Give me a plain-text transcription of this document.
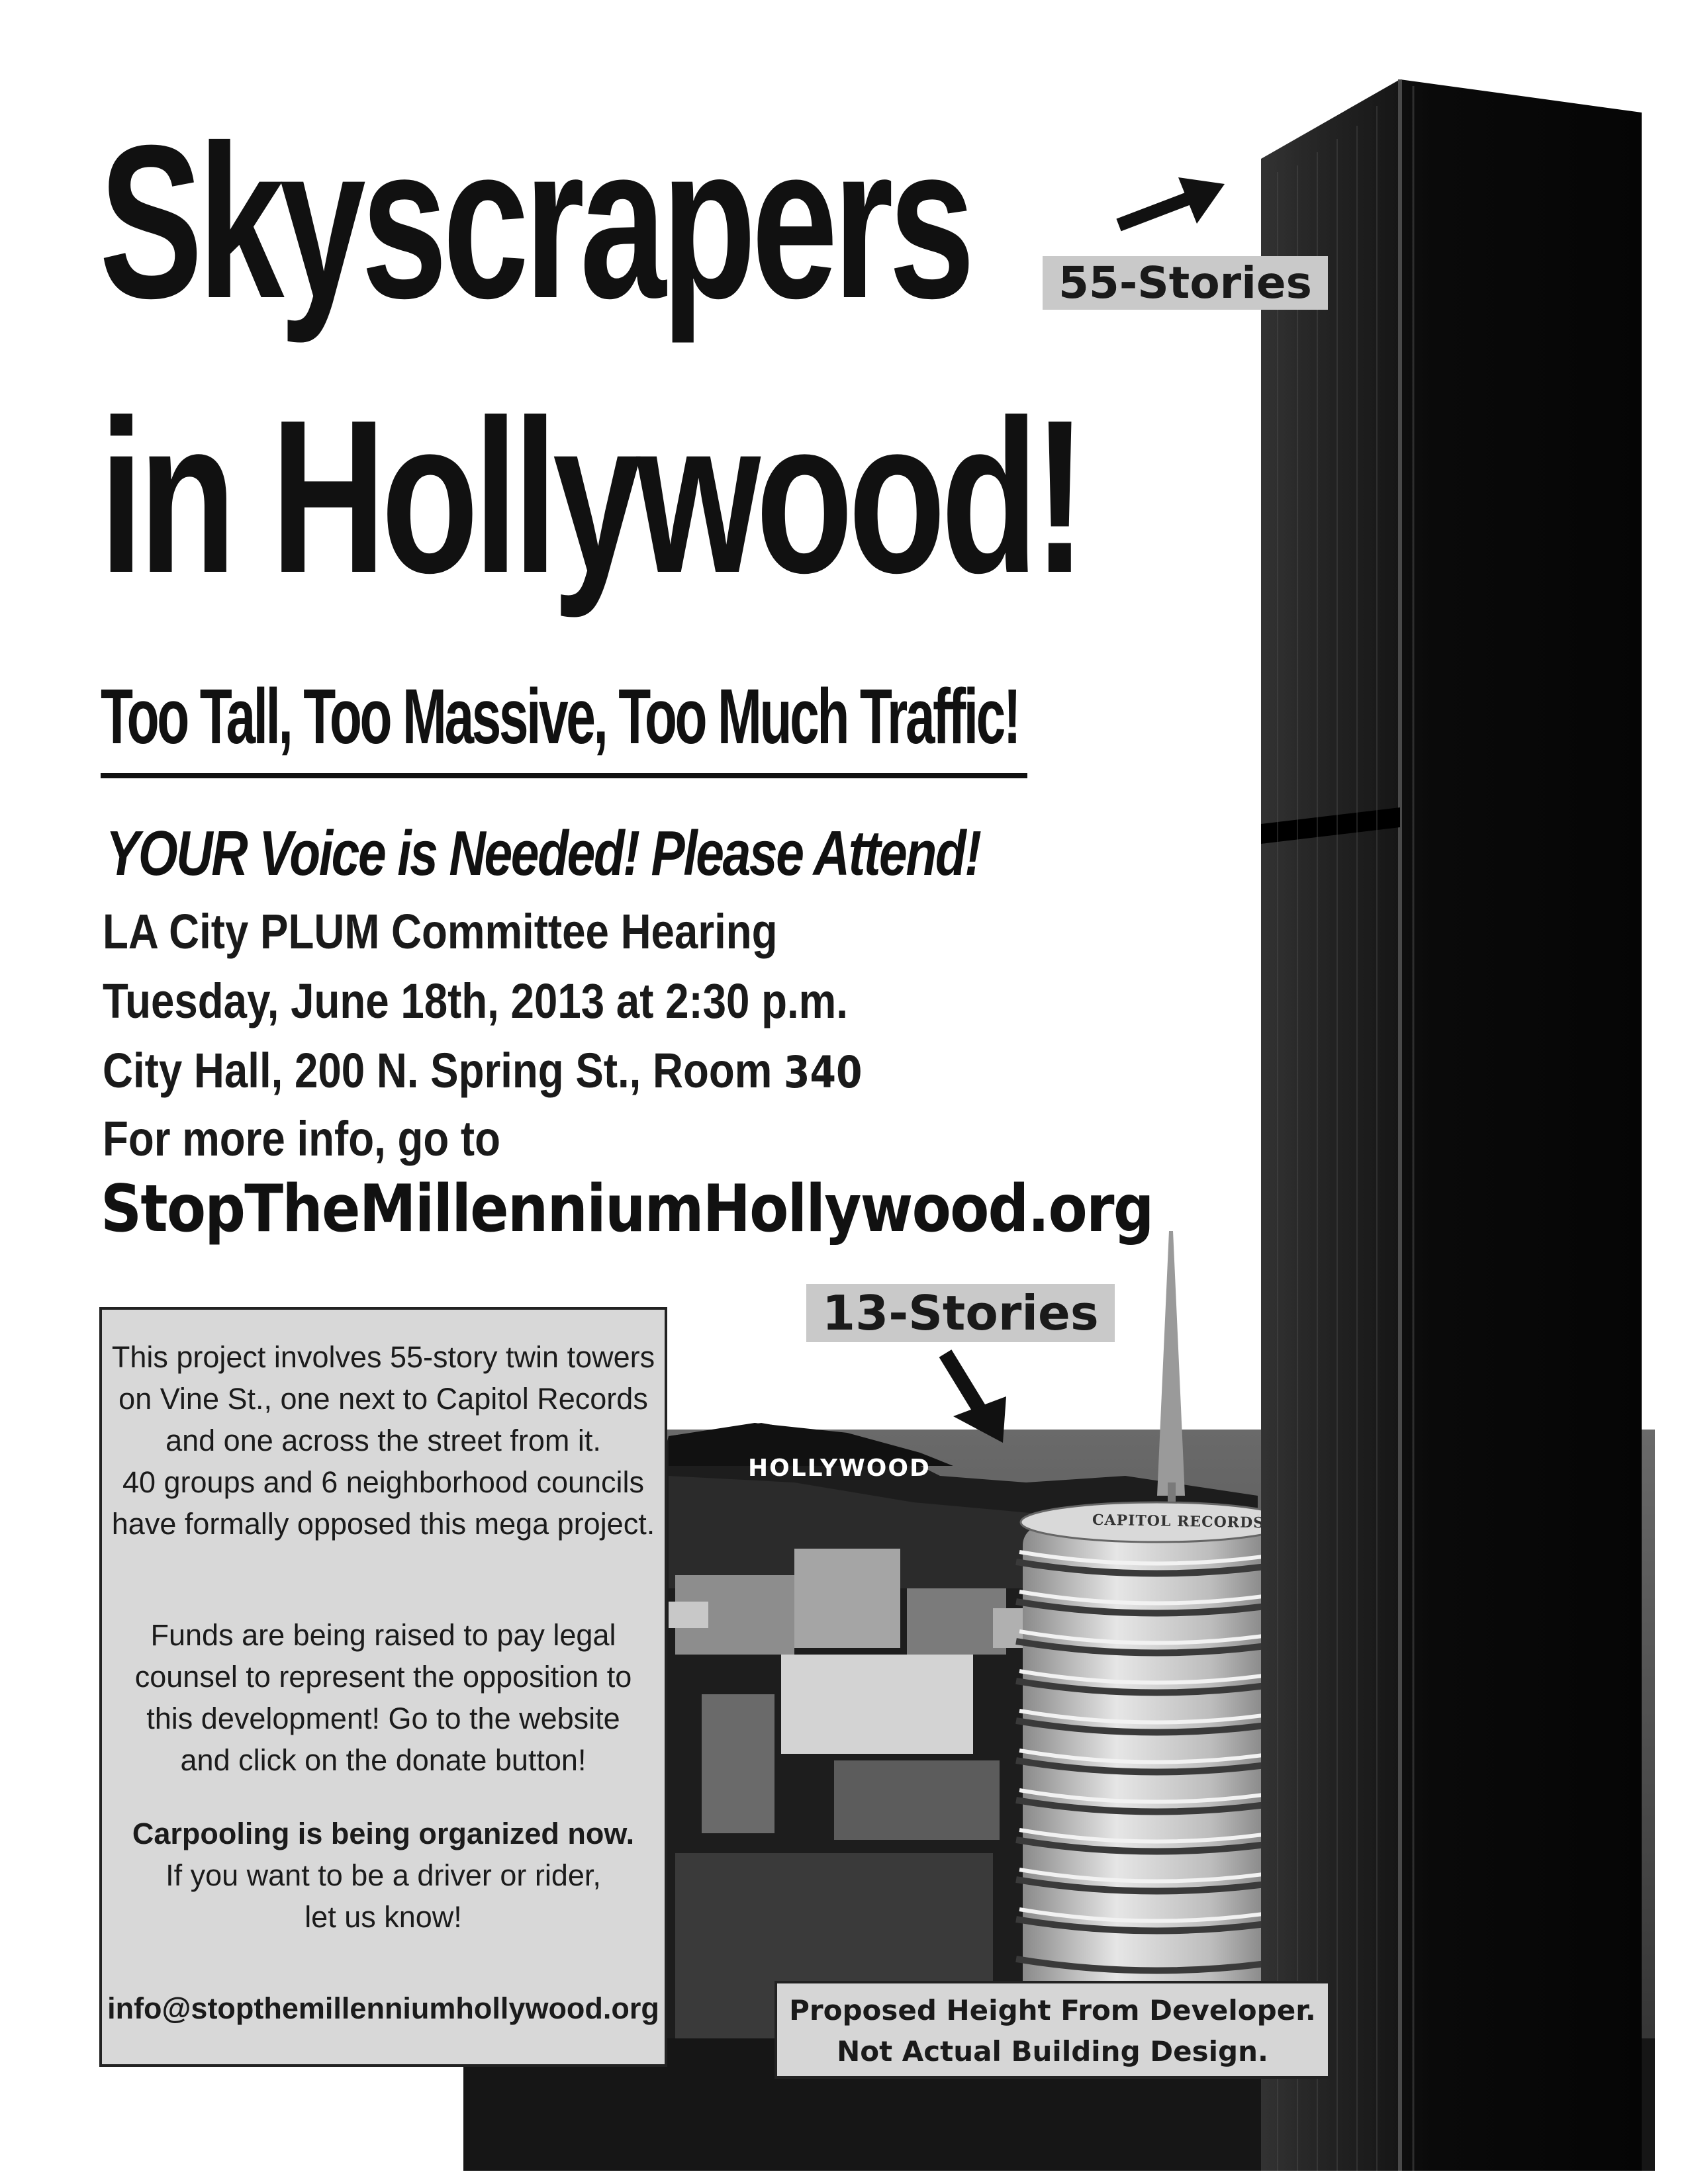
Skyscrapers
in Hollywood!
Too Tall, Too Massive, Too Much Traffic!
YOUR Voice is Needed! Please Attend!
LA City PLUM Committee Hearing
Tuesday, June 18th, 2013 at 2:30 p.m.
City Hall, 200 N. Spring St., Room 340
For more info, go to
StopTheMillenniumHollywood.org
55-Stories
13-Stories
HOLLYWOOD
CAPITOL RECORDS
This project involves 55-story twin towers
on Vine St., one next to Capitol Records
and one across the street from it.
40 groups and 6 neighborhood councils
have formally opposed this mega project.
Funds are being raised to pay legal
counsel to represent the opposition to
this development! Go to the website
and click on the donate button!
Carpooling is being organized now.
If you want to be a driver or rider,
let us know!
info@stopthemillenniumhollywood.org	Proposed Height From Developer.
Not Actual Building Design.
